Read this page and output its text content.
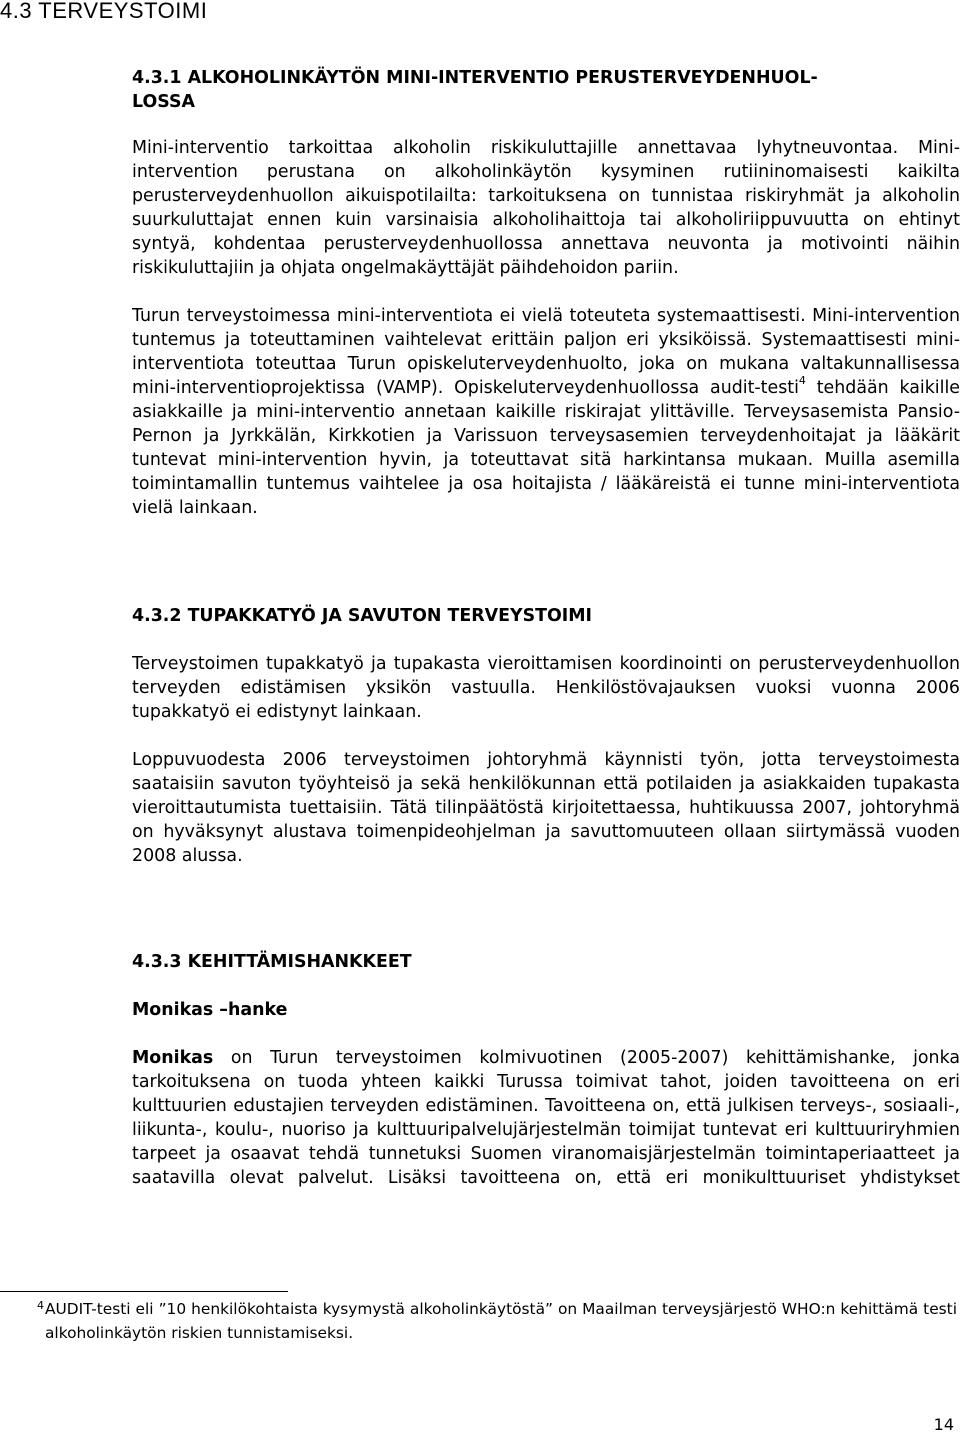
4.3 TERVEYSTOIMI
4.3.1 ALKOHOLINKÄYTÖN MINI-INTERVENTIO PERUSTERVEYDENHUOL-
LOSSA

Mini-interventio tarkoittaa alkoholin riskikuluttajille annettavaa lyhytneuvontaa. Mini-intervention perustana on alkoholinkäytön kysyminen rutiininomaisesti kaikilta perusterveydenhuollon aikuispotilailta: tarkoituksena on tunnistaa riskiryhmät ja alkoholin suurkuluttajat ennen kuin varsinaisia alkoholihaittoja tai alkoholiriippuvuutta on ehtinyt syntyä, kohdentaa perusterveydenhuollossa annettava neuvonta ja motivointi näihin riskikuluttajiin ja ohjata ongelmakäyttäjät päihdehoidon pariin.

Turun terveystoimessa mini-interventiota ei vielä toteuteta systemaattisesti. Mini-intervention tuntemus ja toteuttaminen vaihtelevat erittäin paljon eri yksiköissä. Systemaattisesti mini-interventiota toteuttaa Turun opiskeluterveydenhuolto, joka on mukana valtakunnallisessa mini-interventioprojektissa (VAMP). Opiskeluterveydenhuollossa audit-testi$^4$ tehdään kaikille asiakkaille ja mini-interventio annetaan kaikille riskirajat ylittäville. Terveysasemista Pansio-Pernon ja Jyrkkälän, Kirkkotien ja Varissuon terveysasemien terveydenhoitajat ja lääkärit tuntevat mini-intervention hyvin, ja toteuttavat sitä harkintansa mukaan. Muilla asemilla toimintamallin tuntemus vaihtelee ja osa hoitajista / lääkäreistä ei tunne mini-interventiota vielä lainkaan.

4.3.2 TUPAKKATYÖ JA SAVUTON TERVEYSTOIMI

Terveystoimen tupakkatyö ja tupakasta vieroittamisen koordinointi on perusterveydenhuollon terveyden edistämisen yksikön vastuulla. Henkilöstövajauksen vuoksi vuonna 2006 tupakkatyö ei edistynyt lainkaan.

Loppuvuodesta 2006 terveystoimen johtoryhmä käynnisti työn, jotta terveystoimesta saataisiin savuton työyhteisö ja sekä henkilökunnan että potilaiden ja asiakkaiden tupakasta vieroittautumista tuettaisiin. Tätä tilinpäätöstä kirjoitettaessa, huhtikuussa 2007, johtoryhmä on hyväksynyt alustava toimenpideohjelman ja savuttomuuteen ollaan siirtymässä vuoden 2008 alussa.

4.3.3 KEHITTÄMISHANKKEET
Monikas –hanke

Monikas on Turun terveystoimen kolmivuotinen (2005-2007) kehittämishanke, jonka tarkoituksena on tuoda yhteen kaikki Turussa toimivat tahot, joiden tavoitteena on eri kulttuurien edustajien terveyden edistäminen. Tavoitteena on, että julkisen terveys-, sosiaali-, liikunta-, koulu-, nuoriso ja kulttuuripalvelujärjestelmän toimijat tuntevat eri kulttuuriryhmien tarpeet ja osaavat tehdä tunnetuksi Suomen viranomaisjärjestelmän toimintaperiaatteet ja saatavilla olevat palvelut. Lisäksi tavoitteena on, että eri monikulttuuriset yhdistykset

4 AUDIT-testi eli ”10 henkilökohtaista kysymystä alkoholinkäytöstä” on Maailman terveysjärjestö WHO:n kehittämä testi alkoholinkäytön riskien tunnistamiseksi.

14
